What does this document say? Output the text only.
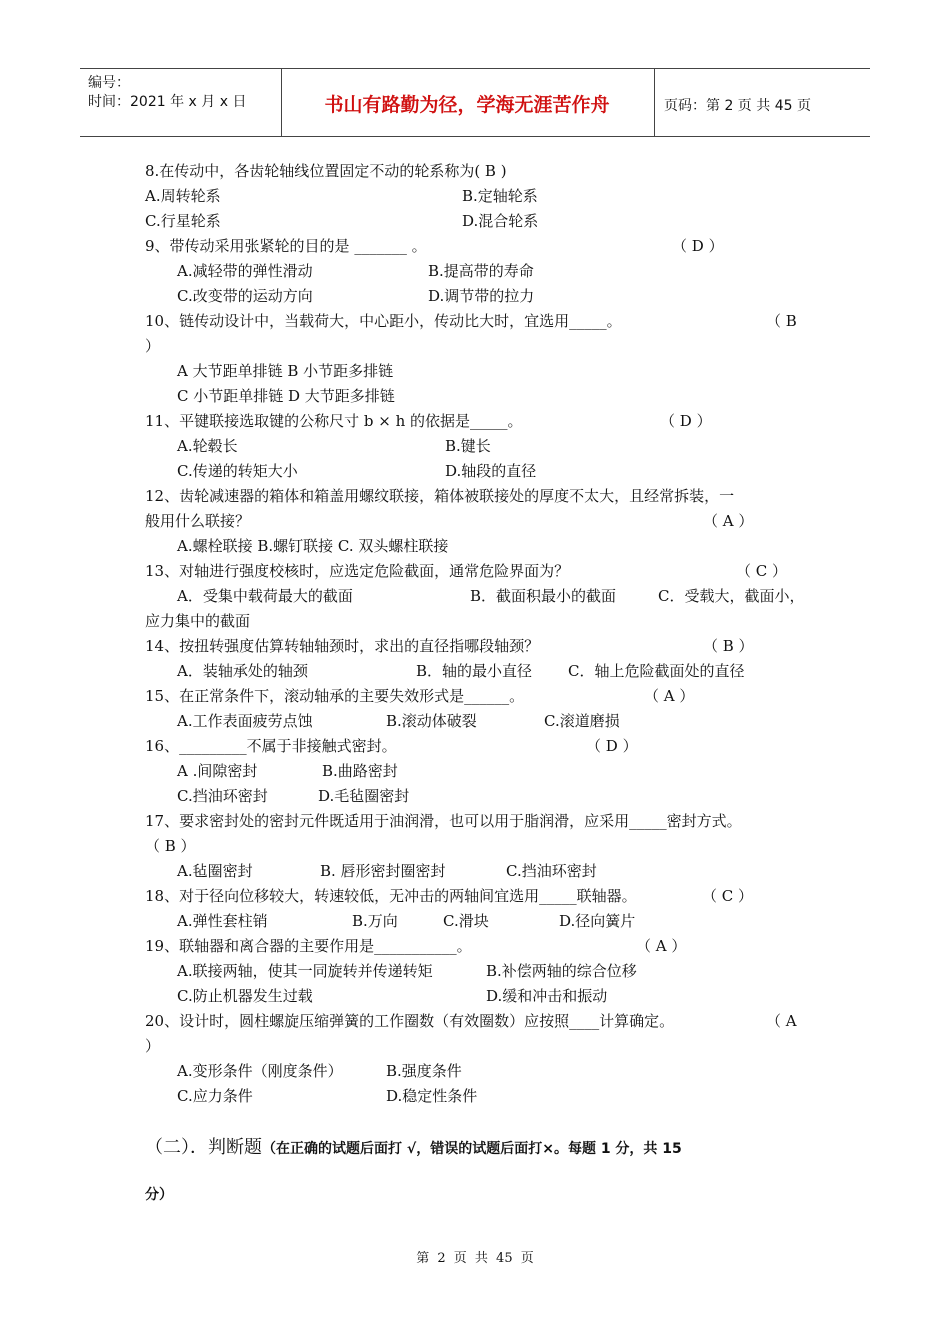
编号：
时间：2021 年 x 月 x 日	书山有路勤为径，学海无涯苦作舟	页码：第 2 页 共 45 页
8.在传动中，各齿轮轴线位置固定不动的轮系称为( B )
A.周转轮系	B.定轴轮系
C.行星轮系	D.混合轮系
9、带传动采用张紧轮的目的是 _______ 。	（ D ）
A.减轻带的弹性滑动	B.提高带的寿命
C.改变带的运动方向	D.调节带的拉力
10、链传动设计中，当载荷大，中心距小，传动比大时，宜选用_____。	（ B
）
A 大节距单排链 B 小节距多排链
C 小节距单排链 D 大节距多排链
11、平键联接选取键的公称尺寸 b × h 的依据是_____。	（ D ）
A.轮毂长	B.键长
C.传递的转矩大小	D.轴段的直径
12、齿轮减速器的箱体和箱盖用螺纹联接，箱体被联接处的厚度不太大，且经常拆装，一
般用什么联接？	（ A ）
A.螺栓联接 B.螺钉联接 C. 双头螺柱联接
13、对轴进行强度校核时，应选定危险截面，通常危险界面为？	（ C ）
A．受集中载荷最大的截面	B．截面积最小的截面	C．受载大，截面小，
应力集中的截面
14、按扭转强度估算转轴轴颈时，求出的直径指哪段轴颈？	（ B ）
A．装轴承处的轴颈	B．轴的最小直径 C．轴上危险截面处的直径
15、在正常条件下，滚动轴承的主要失效形式是______。	（ A ）
A.工作表面疲劳点蚀	B.滚动体破裂	C.滚道磨损
16、_________不属于非接触式密封。	（ D ）
A .间隙密封	B.曲路密封
C.挡油环密封	D.毛毡圈密封
17、要求密封处的密封元件既适用于油润滑，也可以用于脂润滑，应采用_____密封方式。
（ B ）
A.毡圈密封	B. 唇形密封圈密封	C.挡油环密封
18、对于径向位移较大，转速较低，无冲击的两轴间宜选用_____联轴器。	（ C ）
A.弹性套柱销	B.万向	C.滑块	D.径向簧片
19、联轴器和离合器的主要作用是___________。	（ A ）
A.联接两轴，使其一同旋转并传递转矩	B.补偿两轴的综合位移
C.防止机器发生过载	D.缓和冲击和振动
20、设计时，圆柱螺旋压缩弹簧的工作圈数（有效圈数）应按照____计算确定。	（ A
）
A.变形条件（刚度条件）	B.强度条件
C.应力条件	D.稳定性条件
（二）．判断题（在正确的试题后面打 √，错误的试题后面打×。每题 1 分，共 15
分）
第 2 页 共 45 页
